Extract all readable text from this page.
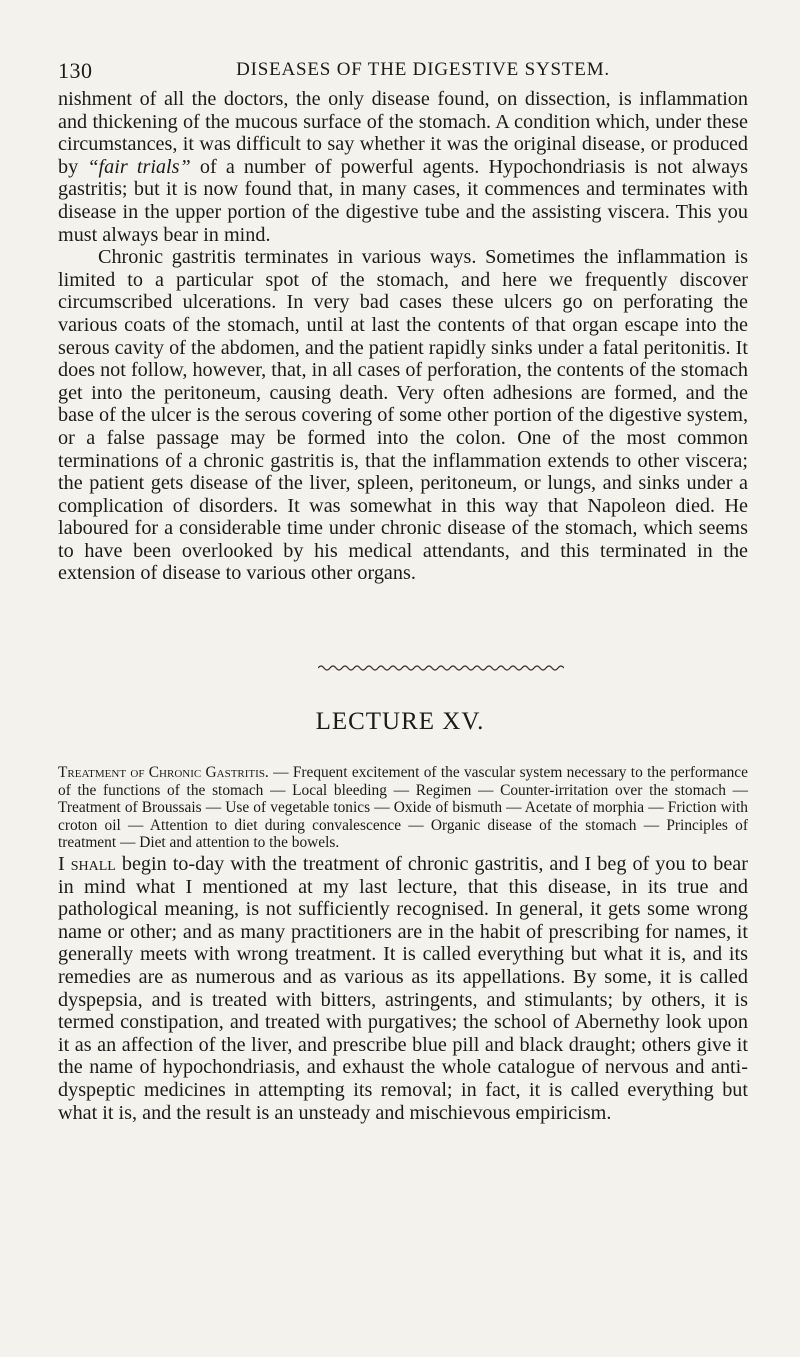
130	DISEASES OF THE DIGESTIVE SYSTEM.

nishment of all the doctors, the only disease found, on dissection, is inflammation and thickening of the mucous surface of the stomach. A condition which, under these circumstances, it was difficult to say whether it was the original disease, or produced by “fair trials” of a number of powerful agents. Hypochondriasis is not always gastritis; but it is now found that, in many cases, it commences and terminates with disease in the upper portion of the digestive tube and the assisting viscera. This you must always bear in mind.

Chronic gastritis terminates in various ways. Sometimes the inflammation is limited to a particular spot of the stomach, and here we frequently discover circumscribed ulcerations. In very bad cases these ulcers go on perforating the various coats of the stomach, until at last the contents of that organ escape into the serous cavity of the abdomen, and the patient rapidly sinks under a fatal peritonitis. It does not follow, however, that, in all cases of perforation, the contents of the stomach get into the peritoneum, causing death. Very often adhesions are formed, and the base of the ulcer is the serous covering of some other portion of the digestive system, or a false passage may be formed into the colon. One of the most common terminations of a chronic gastritis is, that the inflammation extends to other viscera; the patient gets disease of the liver, spleen, peritoneum, or lungs, and sinks under a complication of disorders. It was somewhat in this way that Napoleon died. He laboured for a considerable time under chronic disease of the stomach, which seems to have been overlooked by his medical attendants, and this terminated in the extension of disease to various other organs.

LECTURE XV.
Treatment of Chronic Gastritis. — Frequent excitement of the vascular system necessary to the performance of the functions of the stomach — Local bleeding — Regimen — Counter-irritation over the stomach — Treatment of Broussais — Use of vegetable tonics — Oxide of bismuth — Acetate of morphia — Friction with croton oil — Attention to diet during convalescence — Organic disease of the stomach — Principles of treatment — Diet and attention to the bowels.

I shall begin to-day with the treatment of chronic gastritis, and I beg of you to bear in mind what I mentioned at my last lecture, that this disease, in its true and pathological meaning, is not sufficiently recognised. In general, it gets some wrong name or other; and as many practitioners are in the habit of prescribing for names, it generally meets with wrong treatment. It is called everything but what it is, and its remedies are as numerous and as various as its appellations. By some, it is called dyspepsia, and is treated with bitters, astringents, and stimulants; by others, it is termed constipation, and treated with purgatives; the school of Abernethy look upon it as an affection of the liver, and prescribe blue pill and black draught; others give it the name of hypochondriasis, and exhaust the whole catalogue of nervous and anti-dyspeptic medicines in attempting its removal; in fact, it is called everything but what it is, and the result is an unsteady and mischievous empiricism.
